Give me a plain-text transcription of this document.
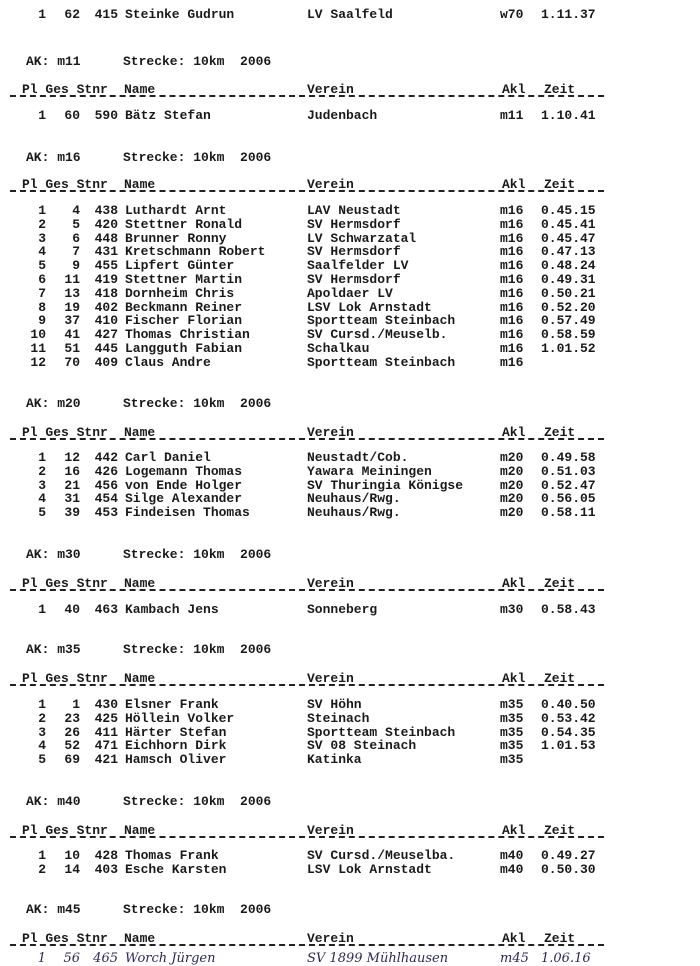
1	62	415 Steinke Gudrun	LV Saalfeld	w70 1.11.37
AK: m11	Strecke: 10km  2006
Pl Ges Stnr Name	Verein	Akl Zeit
1	60	590 Bätz Stefan	Judenbach	m11 1.10.41
AK: m16	Strecke: 10km  2006
Pl Ges Stnr Name	Verein	Akl Zeit
1	4	438 Luthardt Arnt	LAV Neustadt	m16 0.45.15
2	5	420 Stettner Ronald	SV Hermsdorf	m16 0.45.41
3	6	448 Brunner Ronny	LV Schwarzatal	m16 0.45.47
4	7	431 Kretschmann Robert	SV Hermsdorf	m16 0.47.13
5	9	455 Lipfert Günter	Saalfelder LV	m16 0.48.24
6	11	419 Stettner Martin	SV Hermsdorf	m16 0.49.31
7	13	418 Dornheim Chris	Apoldaer LV	m16 0.50.21
8	19	402 Beckmann Reiner	LSV Lok Arnstadt	m16 0.52.20
9	37	410 Fischer Florian	Sportteam Steinbach	m16 0.57.49
10	41	427 Thomas Christian	SV Cursd./Meuselb.	m16 0.58.59
11	51	445 Langguth Fabian	Schalkau	m16 1.01.52
12	70	409 Claus Andre	Sportteam Steinbach	m16
AK: m20	Strecke: 10km  2006
Pl Ges Stnr Name	Verein	Akl Zeit
1	12	442 Carl Daniel	Neustadt/Cob.	m20 0.49.58
2	16	426 Logemann Thomas	Yawara Meiningen	m20 0.51.03
3	21	456 von Ende Holger	SV Thuringia Königse	m20 0.52.47
4	31	454 Silge Alexander	Neuhaus/Rwg.	m20 0.56.05
5	39	453 Findeisen Thomas	Neuhaus/Rwg.	m20 0.58.11
AK: m30	Strecke: 10km  2006
Pl Ges Stnr Name	Verein	Akl Zeit
1	40	463 Kambach Jens	Sonneberg	m30 0.58.43
AK: m35	Strecke: 10km  2006
Pl Ges Stnr Name	Verein	Akl Zeit
1	1	430 Elsner Frank	SV Höhn	m35 0.40.50
2	23	425 Höllein Volker	Steinach	m35 0.53.42
3	26	411 Härter Stefan	Sportteam Steinbach	m35 0.54.35
4	52	471 Eichhorn Dirk	SV 08 Steinach	m35 1.01.53
5	69	421 Hamsch Oliver	Katinka	m35
AK: m40	Strecke: 10km  2006
Pl Ges Stnr Name	Verein	Akl Zeit
1	10	428 Thomas Frank	SV Cursd./Meuselba.	m40 0.49.27
2	14	403 Esche Karsten	LSV Lok Arnstadt	m40 0.50.30
AK: m45	Strecke: 10km  2006
Pl Ges Stnr Name	Verein	Akl Zeit
1	56	465 Worch Jürgen	SV 1899 Mühlhausen	m45 1.06.16
